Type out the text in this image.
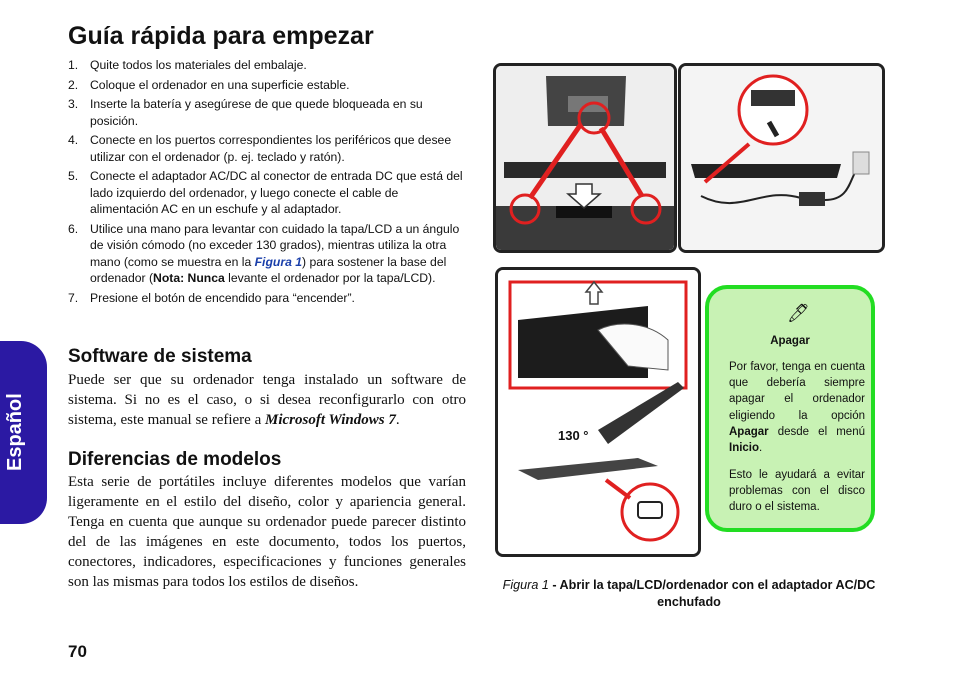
Guía rápida para empezar
1. Quite todos los materiales del embalaje.
2. Coloque el ordenador en una superficie estable.
3. Inserte la batería y asegúrese de que quede bloqueada en su posición.
4. Conecte en los puertos correspondientes los periféricos que desee utilizar con el ordenador (p. ej. teclado y ratón).
5. Conecte el adaptador AC/DC al conector de entrada DC que está del lado izquierdo del ordenador, y luego conecte el cable de alimentación AC en un eschufe y al adaptador.
6. Utilice una mano para levantar con cuidado la tapa/LCD a un ángulo de visión cómodo (no exceder 130 grados), mientras utiliza la otra mano (como se muestra en la Figura 1) para sostener la base del ordenador (Nota: Nunca levante el ordenador por la tapa/LCD).
7. Presione el botón de encendido para “encender”.
Software de sistema

Puede ser que su ordenador tenga instalado un software de sistema. Si no es el caso, o si desea reconfigurarlo con otro sistema, este manual se refiere a Microsoft Windows 7.

Diferencias de modelos

Esta serie de portátiles incluye diferentes modelos que varían ligeramente en el estilo del diseño, color y apariencia general. Tenga en cuenta que aunque su ordenador puede parecer distinto del de las imágenes en este documento, todos los puertos, conectores, indicadores, especificaciones y funciones generales son las mismas para todos los estilos de diseños.

Español
70
130 °
🖊︎
Apagar

Por favor, tenga en cuenta que debería siempre apagar el ordenador eligiendo la opción Apagar desde el menú Inicio.

Esto le ayudará a evitar problemas con el disco duro o el sistema.

Figura 1 - Abrir la tapa/LCD/ordenador con el adaptador AC/DC enchufado
